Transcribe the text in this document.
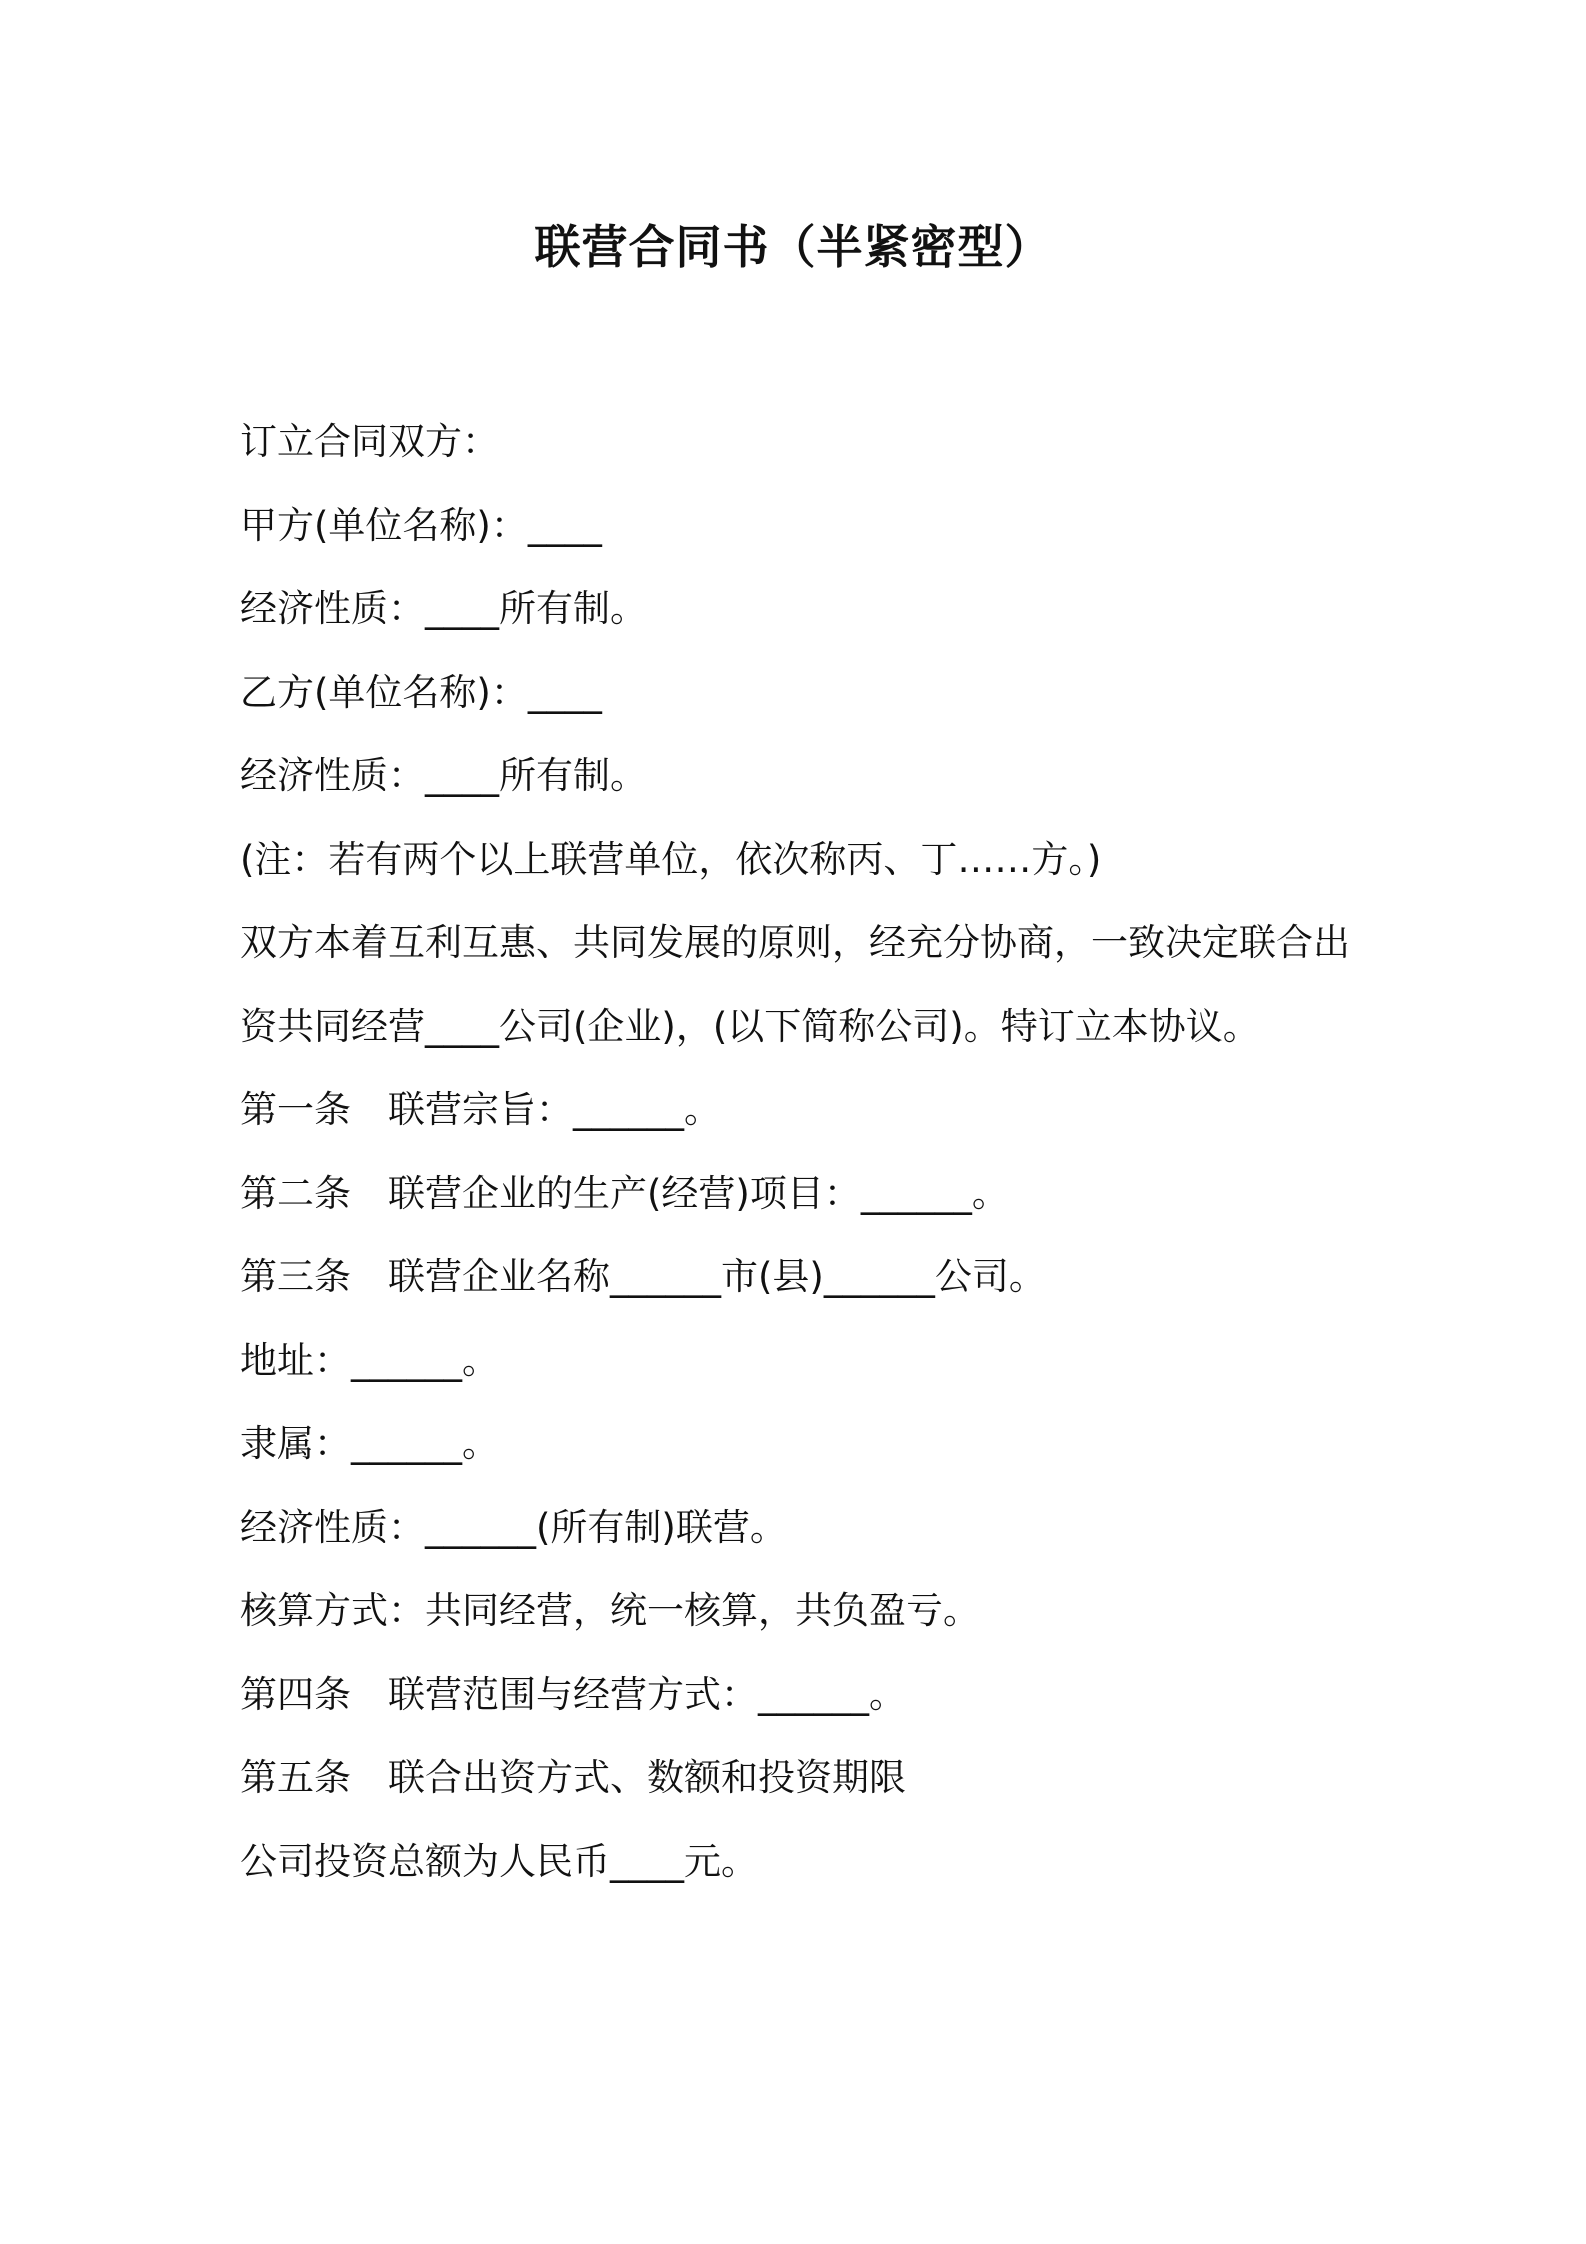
联营合同书（半紧密型）

订立合同双方：

甲方(单位名称)：____

经济性质：____所有制。

乙方(单位名称)：____

经济性质：____所有制。

(注：若有两个以上联营单位，依次称丙、丁……方。)

双方本着互利互惠、共同发展的原则，经充分协商，一致决定联合出资共同经营____公司(企业)，(以下简称公司)。特订立本协议。

第一条　联营宗旨：______。

第二条　联营企业的生产(经营)项目：______。

第三条　联营企业名称______市(县)______公司。

地址：______。

隶属：______。

经济性质：______(所有制)联营。

核算方式：共同经营，统一核算，共负盈亏。

第四条　联营范围与经营方式：______。

第五条　联合出资方式、数额和投资期限

公司投资总额为人民币____元。
